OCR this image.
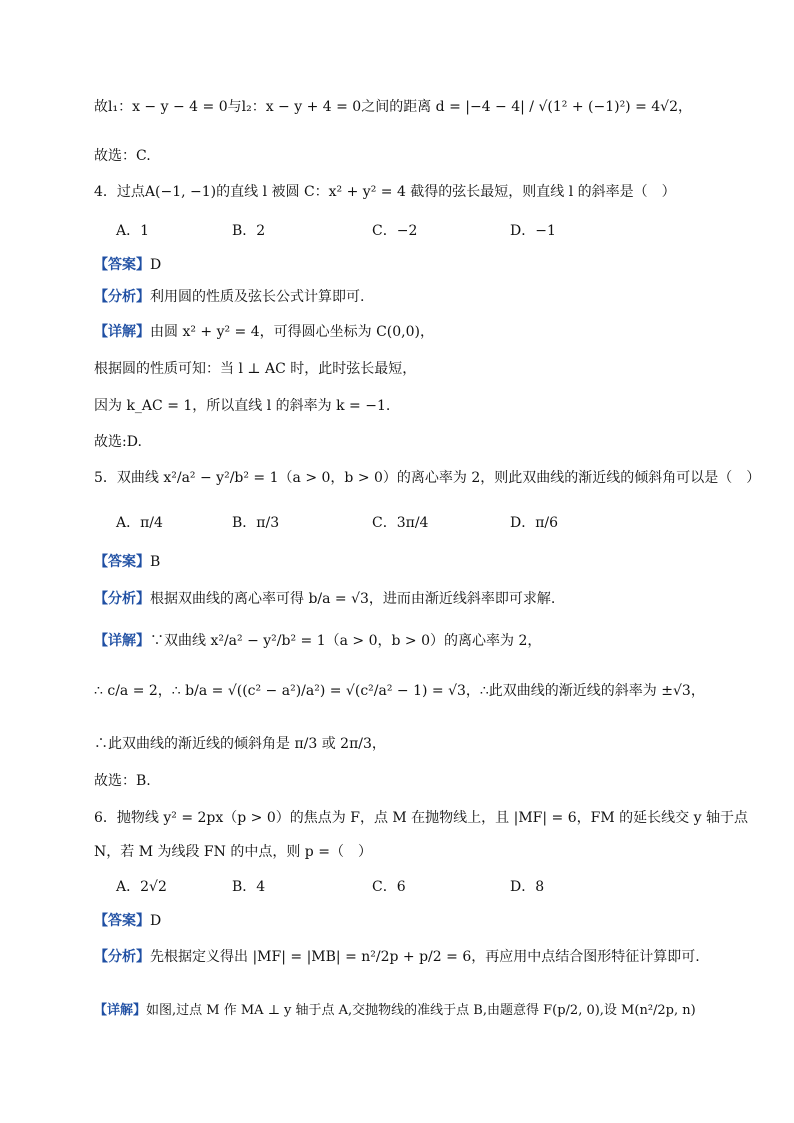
故l₁：x − y − 4 = 0与l₂：x − y + 4 = 0之间的距离 d = |−4 − 4| / √(1² + (−1)²) = 4√2，
故选：C.
4．过点A(−1, −1)的直线 l 被圆 C：x² + y² = 4 截得的弦长最短，则直线 l 的斜率是（　）
A．1	B．2	C．−2	D．−1
【答案】D
【分析】利用圆的性质及弦长公式计算即可.
【详解】由圆 x² + y² = 4，可得圆心坐标为 C(0,0)，
根据圆的性质可知：当 l ⊥ AC 时，此时弦长最短，
因为 k_AC = 1，所以直线 l 的斜率为 k = −1.
故选:D.
5．双曲线 x²/a² − y²/b² = 1（a > 0，b > 0）的离心率为 2，则此双曲线的渐近线的倾斜角可以是（　）
A．π/4	B．π/3	C．3π/4	D．π/6
【答案】B
【分析】根据双曲线的离心率可得 b/a = √3，进而由渐近线斜率即可求解.
【详解】∵双曲线 x²/a² − y²/b² = 1（a > 0，b > 0）的离心率为 2，
∴ c/a = 2，∴ b/a = √((c² − a²)/a²) = √(c²/a² − 1) = √3，∴此双曲线的渐近线的斜率为 ±√3，
∴此双曲线的渐近线的倾斜角是 π/3 或 2π/3，
故选：B.
6．抛物线 y² = 2px（p > 0）的焦点为 F，点 M 在抛物线上，且 |MF| = 6，FM 的延长线交 y 轴于点
N，若 M 为线段 FN 的中点，则 p =（　）
A．2√2	B．4	C．6	D．8
【答案】D
【分析】先根据定义得出 |MF| = |MB| = n²/2p + p/2 = 6，再应用中点结合图形特征计算即可.
【详解】如图,过点 M 作 MA ⊥ y 轴于点 A,交抛物线的准线于点 B,由题意得 F(p/2, 0),设 M(n²/2p, n)
